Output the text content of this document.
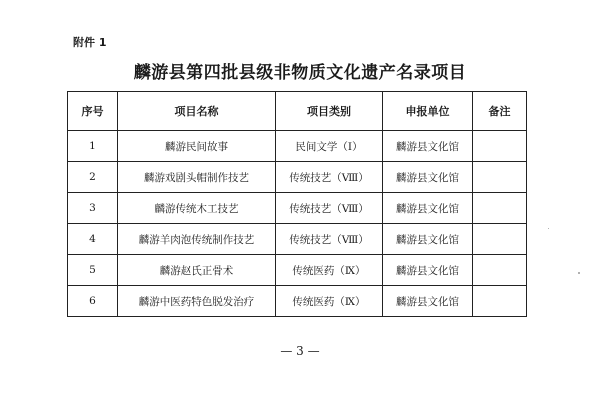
附件 1
麟游县第四批县级非物质文化遗产名录项目
序号	项目名称	项目类别	申报单位	备注
1	麟游民间故事	民间文学（Ⅰ）	麟游县文化馆	
2	麟游戏剧头帽制作技艺	传统技艺（Ⅷ）	麟游县文化馆	
3	麟游传统木工技艺	传统技艺（Ⅷ）	麟游县文化馆	
4	麟游羊肉泡传统制作技艺	传统技艺（Ⅷ）	麟游县文化馆	
5	麟游赵氏正骨术	传统医药（Ⅸ）	麟游县文化馆	
6	麟游中医药特色脱发治疗	传统医药（Ⅸ）	麟游县文化馆	
— 3 —
